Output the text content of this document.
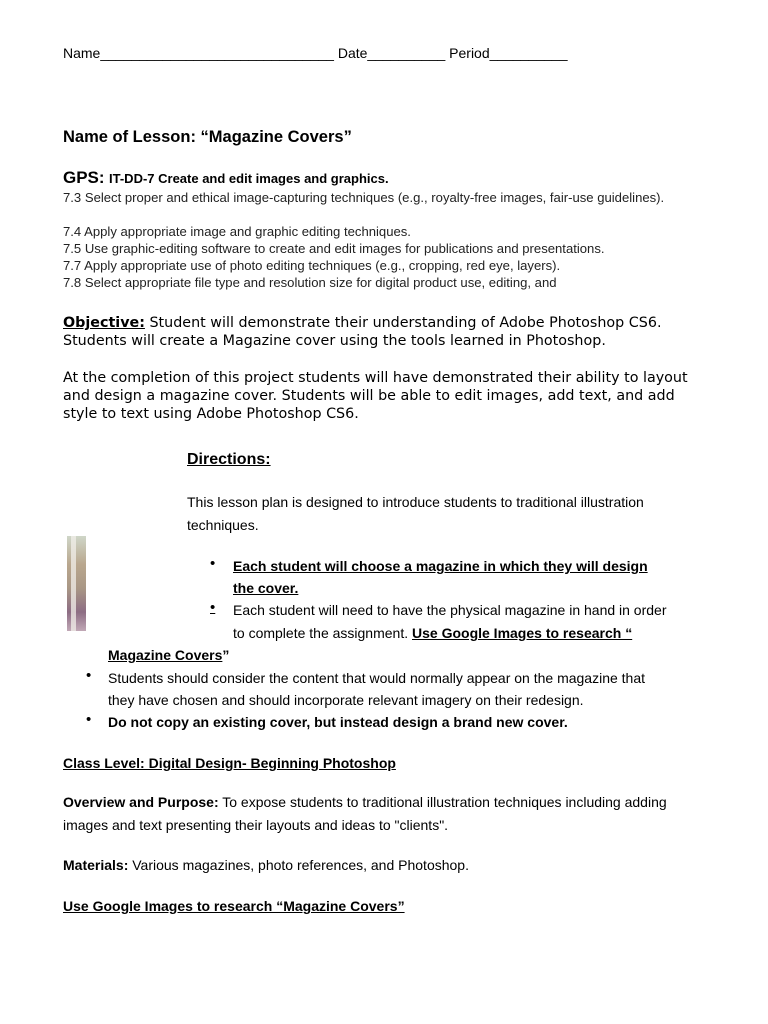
Name______________________________ Date__________ Period__________
Name of Lesson: “Magazine Covers”
GPS: IT-DD-7 Create and edit images and graphics.
7.3 Select proper and ethical image-capturing techniques (e.g., royalty-free images, fair-use guidelines).
7.4 Apply appropriate image and graphic editing techniques.
7.5 Use graphic-editing software to create and edit images for publications and presentations.
7.7 Apply appropriate use of photo editing techniques (e.g., cropping, red eye, layers).
7.8 Select appropriate file type and resolution size for digital product use, editing, and
Objective: Student will demonstrate their understanding of Adobe Photoshop CS6. Students will create a Magazine cover using the tools learned in Photoshop.
At the completion of this project students will have demonstrated their ability to layout and design a magazine cover. Students will be able to edit images, add text, and add style to text using Adobe Photoshop CS6.
Directions:
This lesson plan is designed to introduce students to traditional illustration techniques.
• Each student will choose a magazine in which they will design
the cover.
•	Each student will need to have the physical magazine in hand in order
to complete the assignment. Use Google Images to research “
Magazine Covers”
• Students should consider the content that would normally appear on the magazine that
they have chosen and should incorporate relevant imagery on their redesign.
• Do not copy an existing cover, but instead design a brand new cover.
Class Level: Digital Design- Beginning Photoshop
Overview and Purpose: To expose students to traditional illustration techniques including adding images and text presenting their layouts and ideas to "clients".
Materials: Various magazines, photo references, and Photoshop.
Use Google Images to research “Magazine Covers”
